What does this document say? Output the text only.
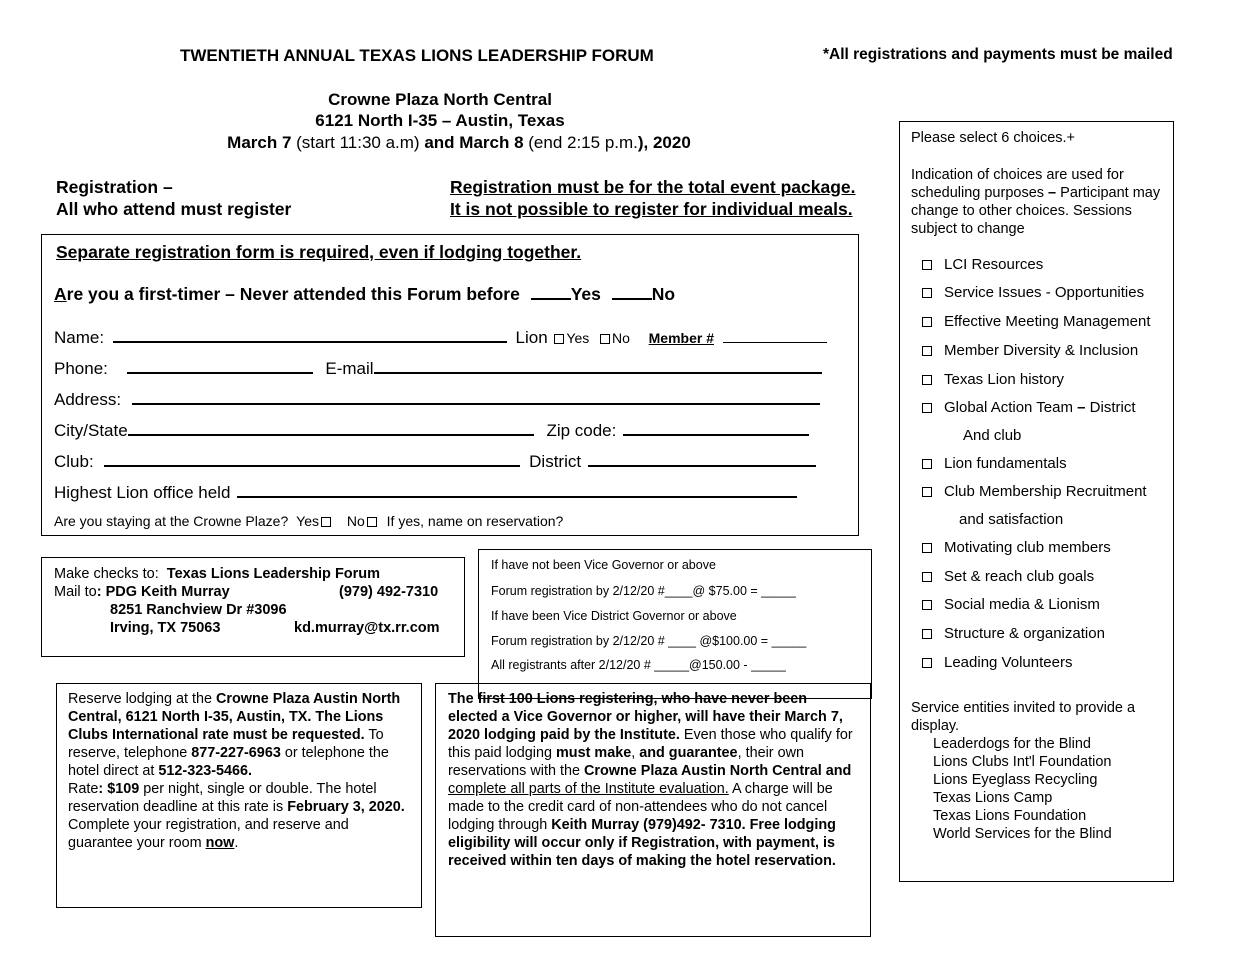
TWENTIETH ANNUAL TEXAS LIONS LEADERSHIP FORUM	*All registrations and payments must be mailed
Crowne Plaza North Central
6121 North I-35 – Austin, Texas
March 7 (start 11:30 a.m) and March 8 (end 2:15 p.m.), 2020
Registration –
All who attend must register
Registration must be for the total event package.
It is not possible to register for individual meals.
Separate registration form is required, even if lodging together.
Are you a first-timer – Never attended this Forum before	Yes	No
Name:	Lion Yes No Member #
Phone:	E-mail
Address:
City/State	Zip code:
Club:	District
Highest Lion office held
Are you staying at the Crowne Plaze? Yes No If yes, name on reservation?
Make checks to: Texas Lions Leadership Forum
Mail to: PDG Keith Murray	(979) 492-7310
8251 Ranchview Dr #3096
Irving, TX 75063	kd.murray@tx.rr.com
If have not been Vice Governor or above
Forum registration by 2/12/20 #____@ $75.00 = _____
If have been Vice District Governor or above
Forum registration by 2/12/20 # ____ @$100.00 = _____
All registrants after 2/12/20 # _____@150.00 - _____

Reserve lodging at the Crowne Plaza Austin North Central, 6121 North I-35, Austin, TX. The Lions Clubs International rate must be requested. To reserve, telephone 877-227-6963 or telephone the hotel direct at 512-323-5466.

Rate: $109 per night, single or double. The hotel reservation deadline at this rate is February 3, 2020. Complete your registration, and reserve and guarantee your room now.

The first 100 Lions registering, who have never been elected a Vice Governor or higher, will have their March 7, 2020 lodging paid by the Institute. Even those who qualify for this paid lodging must make, and guarantee, their own reservations with the Crowne Plaza Austin North Central and complete all parts of the Institute evaluation. A charge will be made to the credit card of non-attendees who do not cancel lodging through Keith Murray (979)492- 7310. Free lodging eligibility will occur only if Registration, with payment, is received within ten days of making the hotel reservation.

Please select 6 choices.+
Indication of choices are used for scheduling purposes – Participant may change to other choices. Sessions subject to change
LCI Resources
Service Issues - Opportunities
Effective Meeting Management
Member Diversity & Inclusion
Texas Lion history
Global Action Team – District
And club
Lion fundamentals
Club Membership Recruitment
and satisfaction
Motivating club members
Set & reach club goals
Social media & Lionism
Structure & organization
Leading Volunteers
Service entities invited to provide a display.
Leaderdogs for the Blind
Lions Clubs Int'l Foundation
Lions Eyeglass Recycling
Texas Lions Camp
Texas Lions Foundation
World Services for the Blind
